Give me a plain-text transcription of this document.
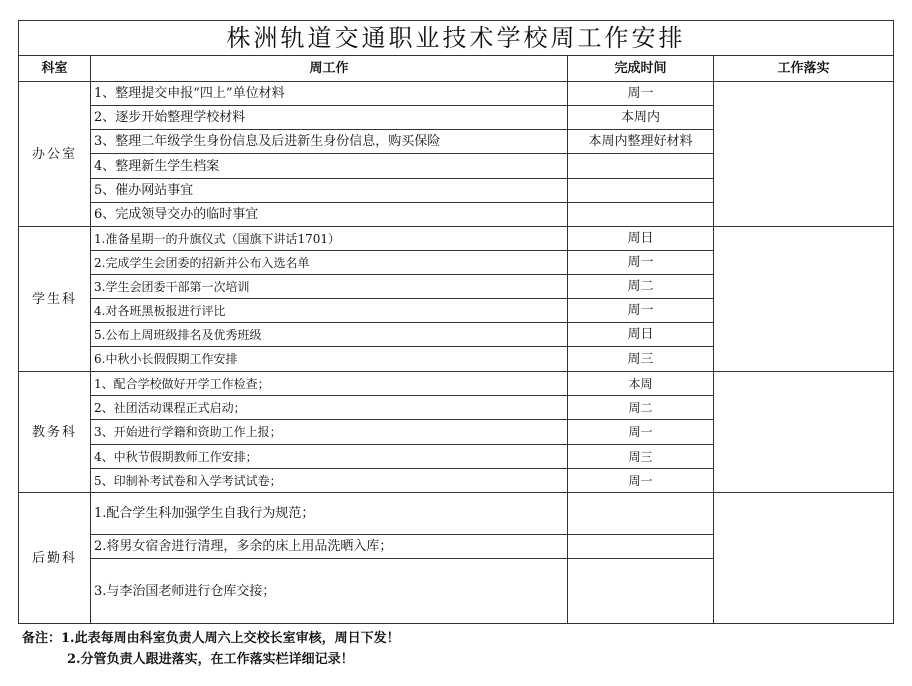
株洲轨道交通职业技术学校周工作安排			
科室	周工作	完成时间	工作落实
办公室	1、整理提交申报“四上”单位材料	周一	
	2、逐步开始整理学校材料	本周内	
	3、整理二年级学生身份信息及后进新生身份信息，购买保险	本周内整理好材料	
	4、整理新生学生档案		
	5、催办网站事宜		
	6、完成领导交办的临时事宜		
学生科	1.准备星期一的升旗仪式（国旗下讲话1701）	周日	
	2.完成学生会团委的招新并公布入选名单	周一	
	3.学生会团委干部第一次培训	周二	
	4.对各班黑板报进行评比	周一	
	5.公布上周班级排名及优秀班级	周日	
	6.中秋小长假假期工作安排	周三	
教务科	1、配合学校做好开学工作检查；	本周	
	2、社团活动课程正式启动；	周二	
	3、开始进行学籍和资助工作上报；	周一	
	4、中秋节假期教师工作安排；	周三	
	5、印制补考试卷和入学考试试卷；	周一	
后勤科	1.配合学生科加强学生自我行为规范；		
	2.将男女宿舍进行清理，多余的床上用品洗晒入库；		
	3.与李治国老师进行仓库交接；		
备注：1.此表每周由科室负责人周六上交校长室审核，周日下发！
2.分管负责人跟进落实，在工作落实栏详细记录！
